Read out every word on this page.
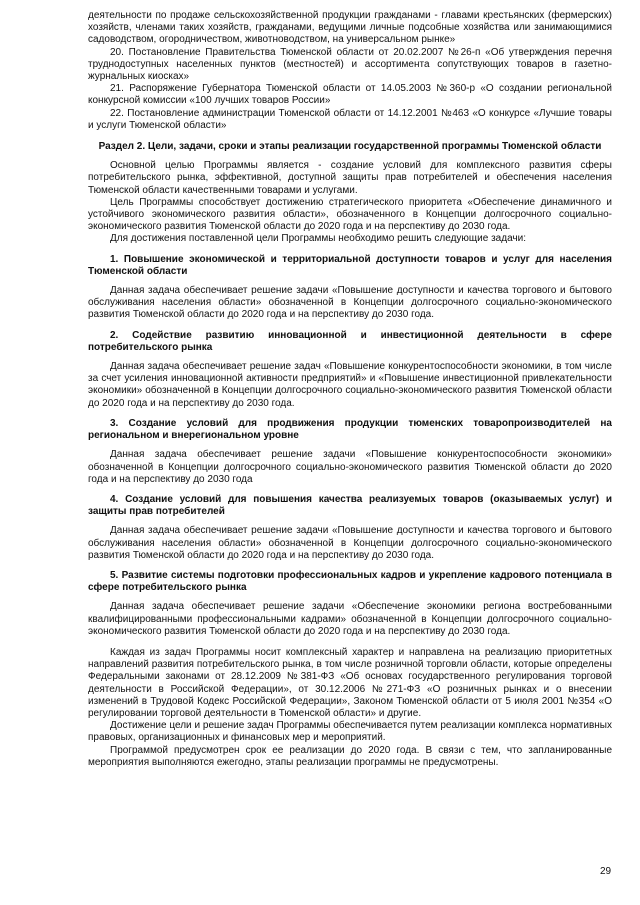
деятельности по продаже сельскохозяйственной продукции гражданами - главами крестьянских (фермерских) хозяйств, членами таких хозяйств, гражданами, ведущими личные подсобные хозяйства или занимающимися садоводством, огородничеством, животноводством, на универсальном рынке»

20. Постановление Правительства Тюменской области от 20.02.2007 №26-п «Об утверждения перечня труднодоступных населенных пунктов (местностей) и ассортимента сопутствующих товаров в газетно-журнальных киосках»

21. Распоряжение Губернатора Тюменской области от 14.05.2003 №360-р «О создании региональной конкурсной комиссии «100 лучших товаров России»

22. Постановление администрации Тюменской области от 14.12.2001 №463 «О конкурсе «Лучшие товары и услуги Тюменской области»

Раздел 2. Цели, задачи, сроки и этапы реализации государственной программы Тюменской области

Основной целью Программы является - создание условий для комплексного развития сферы потребительского рынка, эффективной, доступной защиты прав потребителей и обеспечения населения Тюменской области качественными товарами и услугами.

Цель Программы способствует достижению стратегического приоритета «Обеспечение динамичного и устойчивого экономического развития области», обозначенного в Концепции долгосрочного социально-экономического развития Тюменской области до 2020 года и на перспективу до 2030 года.

Для достижения поставленной цели Программы необходимо решить следующие задачи:

1. Повышение экономической и территориальной доступности товаров и услуг для населения Тюменской области

Данная задача обеспечивает решение задачи «Повышение доступности и качества торгового и бытового обслуживания населения области» обозначенной в Концепции долгосрочного социально-экономического развития Тюменской области до 2020 года и на перспективу до 2030 года.

2. Содействие развитию инновационной и инвестиционной деятельности в сфере потребительского рынка

Данная задача обеспечивает решение задач «Повышение конкурентоспособности экономики, в том числе за счет усиления инновационной активности предприятий» и «Повышение инвестиционной привлекательности экономики» обозначенной в Концепции долгосрочного социально-экономического развития Тюменской области до 2020 года и на перспективу до 2030 года.

3. Создание условий для продвижения продукции тюменских товаропроизводителей на региональном и внерегиональном уровне

Данная задача обеспечивает решение задачи «Повышение конкурентоспособности экономики» обозначенной в Концепции долгосрочного социально-экономического развития Тюменской области до 2020 года и на перспективу до 2030 года

4. Создание условий для повышения качества реализуемых товаров (оказываемых услуг) и защиты прав потребителей

Данная задача обеспечивает решение задачи «Повышение доступности и качества торгового и бытового обслуживания населения области» обозначенной в Концепции долгосрочного социально-экономического развития Тюменской области до 2020 года и на перспективу до 2030 года.

5. Развитие системы подготовки профессиональных кадров и укрепление кадрового потенциала в сфере потребительского рынка

Данная задача обеспечивает решение задачи «Обеспечение экономики региона востребованными квалифицированными профессиональными кадрами» обозначенной в Концепции долгосрочного социально-экономического развития Тюменской области до 2020 года и на перспективу до 2030 года.

Каждая из задач Программы носит комплексный характер и направлена на реализацию приоритетных направлений развития потребительского рынка, в том числе розничной торговли области, которые определены Федеральными законами от 28.12.2009 №381-ФЗ «Об основах государственного регулирования торговой деятельности в Российской Федерации», от 30.12.2006 №271-ФЗ «О розничных рынках и о внесении изменений в Трудовой Кодекс Российской Федерации», Законом Тюменской области от 5 июля 2001 №354 «О регулировании торговой деятельности в Тюменской области» и другие.

Достижение цели и решение задач Программы обеспечивается путем реализации комплекса нормативных правовых, организационных и финансовых мер и мероприятий.

Программой предусмотрен срок ее реализации до 2020 года. В связи с тем, что запланированные мероприятия выполняются ежегодно, этапы реализации программы не предусмотрены.

29
